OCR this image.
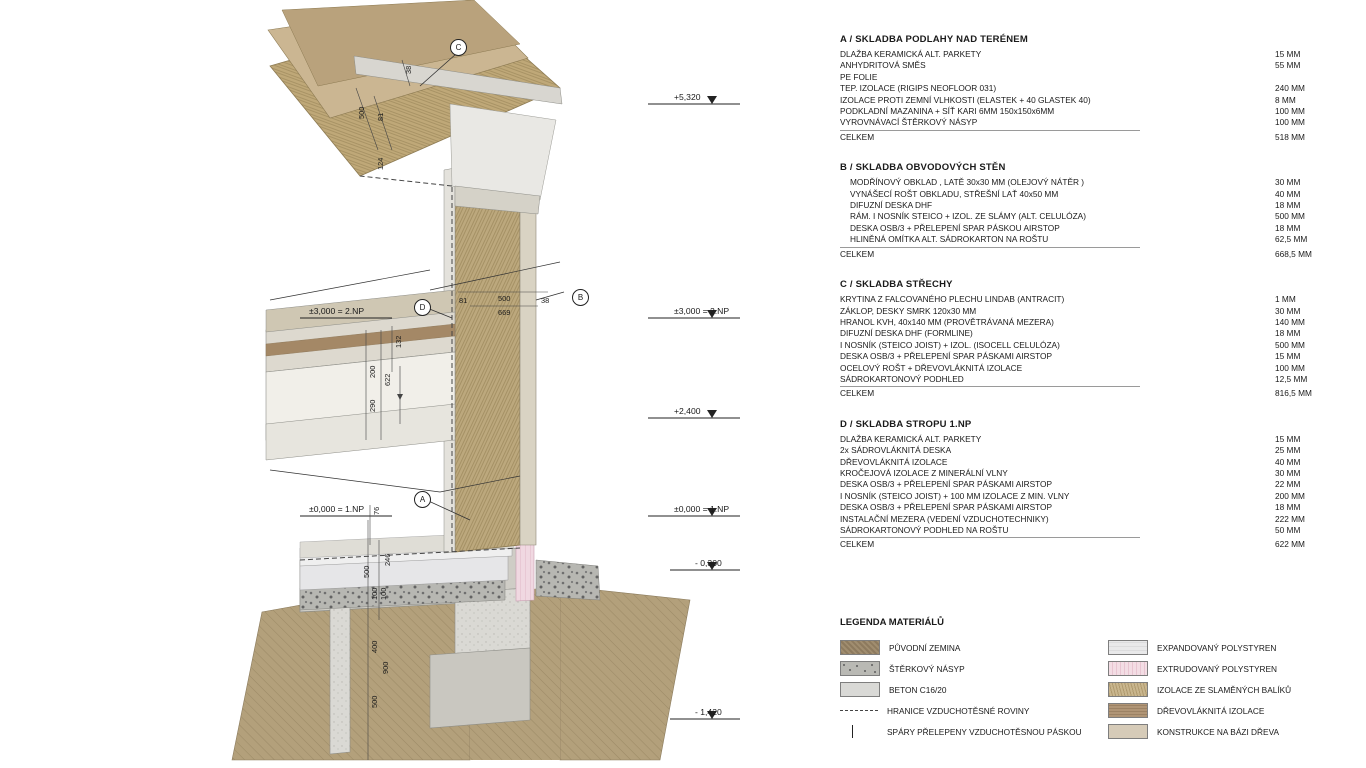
C
B
D
A
±3,000 = 2.NP
±0,000 = 1.NP
+5,320
±3,000 = 2.NP
+2,400
±0,000 = 1.NP
- 0,300
- 1,420
38
500 81
124
81	500	38
669
132
200
622
290
76
246
100 100
500
400
900
500
A / SKLADBA PODLAHY NAD TERÉNEM
DLAŽBA KERAMICKÁ ALT. PARKETY	15 MM
ANHYDRITOVÁ SMĚS	55 MM
PE FOLIE
TEP. IZOLACE (RIGIPS NEOFLOOR 031)	240 MM
IZOLACE PROTI ZEMNÍ VLHKOSTI (ELASTEK + 40 GLASTEK 40)	8 MM
PODKLADNÍ MAZANINA + SÍŤ KARI 6MM 150x150x6MM	100 MM
VYROVNÁVACÍ ŠTĚRKOVÝ NÁSYP	100 MM
CELKEM	518 MM
B / SKLADBA OBVODOVÝCH STĚN
MODŘÍNOVÝ OBKLAD , LATĚ 30x30 MM (OLEJOVÝ NÁTĚR )	30 MM
VYNÁŠECÍ ROŠT OBKLADU, STŘEŠNÍ LAŤ 40x50 MM	40 MM
DIFUZNÍ DESKA DHF	18 MM
RÁM. I NOSNÍK STEICO + IZOL. ZE SLÁMY (ALT. CELULÓZA)	500 MM
DESKA OSB/3 + PŘELEPENÍ SPAR PÁSKOU AIRSTOP	18 MM
HLINĚNÁ OMÍTKA ALT. SÁDROKARTON NA ROŠTU	62,5 MM
CELKEM	668,5 MM
C / SKLADBA STŘECHY
KRYTINA Z FALCOVANÉHO PLECHU LINDAB (ANTRACIT)	1 MM
ZÁKLOP, DESKY SMRK 120x30 MM	30 MM
HRANOL KVH, 40x140 MM (PROVĚTRÁVANÁ MEZERA)	140 MM
DIFUZNÍ DESKA DHF (FORMLINE)	18 MM
I NOSNÍK (STEICO JOIST) + IZOL. (ISOCELL CELULÓZA)	500 MM
DESKA OSB/3 + PŘELEPENÍ SPAR PÁSKAMI AIRSTOP	15 MM
OCELOVÝ ROŠT + DŘEVOVLÁKNITÁ IZOLACE	100 MM
SÁDROKARTONOVÝ PODHLED	12,5 MM
CELKEM	816,5 MM
D / SKLADBA STROPU 1.NP
DLAŽBA KERAMICKÁ ALT. PARKETY	15 MM
2x SÁDROVLÁKNITÁ DESKA	25 MM
DŘEVOVLÁKNITÁ IZOLACE	40 MM
KROČEJOVÁ IZOLACE Z MINERÁLNÍ VLNY	30 MM
DESKA OSB/3 + PŘELEPENÍ SPAR PÁSKAMI AIRSTOP	22 MM
I NOSNÍK (STEICO JOIST) + 100 MM IZOLACE Z MIN. VLNY	200 MM
DESKA OSB/3 + PŘELEPENÍ SPAR PÁSKAMI AIRSTOP	18 MM
INSTALAČNÍ MEZERA (VEDENÍ VZDUCHOTECHNIKY)	222 MM
SÁDROKARTONOVÝ PODHLED NA ROŠTU	50 MM
CELKEM	622 MM
LEGENDA MATERIÁLŮ
PŮVODNÍ ZEMINA
ŠTĚRKOVÝ NÁSYP
BETON C16/20
HRANICE VZDUCHOTĚSNÉ ROVINY
SPÁRY PŘELEPENY VZDUCHOTĚSNOU PÁSKOU
EXPANDOVANÝ POLYSTYREN
EXTRUDOVANÝ POLYSTYREN
IZOLACE ZE SLAMĚNÝCH BALÍKŮ
DŘEVOVLÁKNITÁ IZOLACE
KONSTRUKCE NA BÁZI DŘEVA
